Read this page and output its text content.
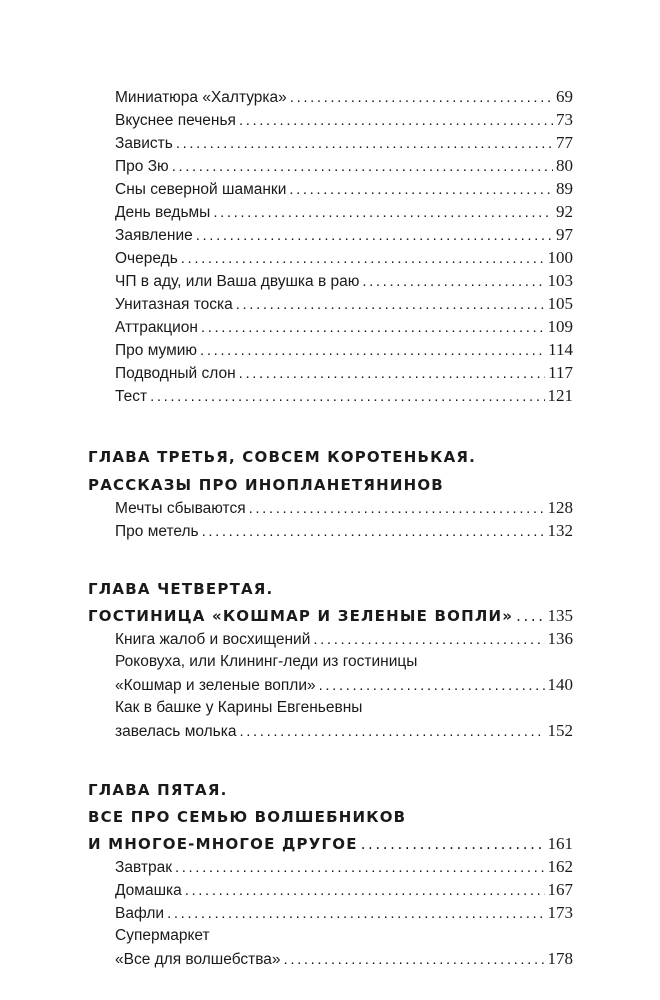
Миниатюра «Халтурка» .....	69
Вкуснее печенья .....	73
Зависть .....	77
Про Зю .....	80
Сны северной шаманки .....	89
День ведьмы .....	92
Заявление .....	97
Очередь .....	100
ЧП в аду, или Ваша двушка в раю .....	103
Унитазная тоска .....	105
Аттракцион .....	109
Про мумию .....	114
Подводный слон .....	117
Тест .....	121
ГЛАВА ТРЕТЬЯ, СОВСЕМ КОРОТЕНЬКАЯ.
РАССКАЗЫ ПРО ИНОПЛАНЕТЯНИНОВ
Мечты сбываются .....	128
Про метель .....	132
ГЛАВА ЧЕТВЕРТАЯ.
ГОСТИНИЦА «КОШМАР И ЗЕЛЕНЫЕ ВОПЛИ» ..... 135
Книга жалоб и восхищений .....	136
Роковуха, или Клининг-леди из гостиницы
«Кошмар и зеленые вопли» .....	140
Как в башке у Карины Евгеньевны
завелась молька .....	152
ГЛАВА ПЯТАЯ.
ВСЕ ПРО СЕМЬЮ ВОЛШЕБНИКОВ
И МНОГОЕ-МНОГОЕ ДРУГОЕ .....	161
Завтрак .....	162
Домашка .....	167
Вафли .....	173
Супермаркет
«Все для волшебства» .....	178
